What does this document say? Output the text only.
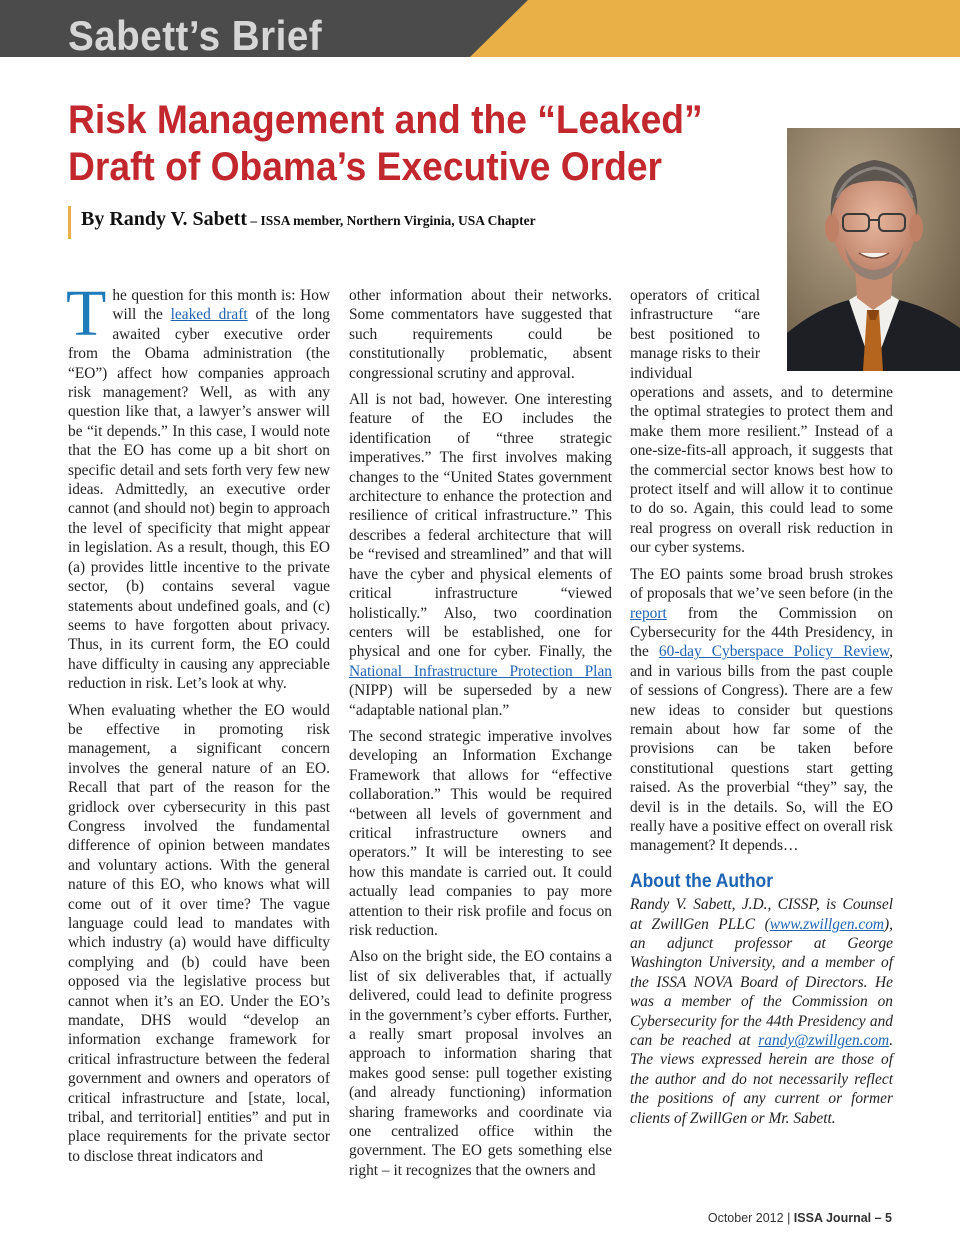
Sabett’s Brief
Risk Management and the “Leaked”
Draft of Obama’s Executive Order
By Randy V. Sabett – ISSA member, Northern Virginia, USA Chapter

The question for this month is: How will the leaked draft of the long awaited cyber executive order from the Obama administration (the “EO”) affect how companies approach risk management? Well, as with any question like that, a lawyer’s answer will be “it depends.” In this case, I would note that the EO has come up a bit short on specific detail and sets forth very few new ideas. Admittedly, an executive order cannot (and should not) begin to approach the level of specificity that might appear in legislation. As a result, though, this EO (a) provides little incentive to the private sector, (b) contains several vague statements about undefined goals, and (c) seems to have forgotten about privacy. Thus, in its current form, the EO could have difficulty in causing any appreciable reduction in risk. Let’s look at why.

When evaluating whether the EO would be effective in promoting risk management, a significant concern involves the general nature of an EO. Recall that part of the reason for the gridlock over cybersecurity in this past Congress involved the fundamental difference of opinion between mandates and voluntary actions. With the general nature of this EO, who knows what will come out of it over time? The vague language could lead to mandates with which industry (a) would have difficulty complying and (b) could have been opposed via the legislative process but cannot when it’s an EO. Under the EO’s mandate, DHS would “develop an information exchange framework for critical infrastructure between the federal government and owners and operators of critical infrastructure and [state, local, tribal, and territorial] entities” and put in place requirements for the private sector to disclose threat indicators and

other information about their networks. Some commentators have suggested that such requirements could be constitutionally problematic, absent congressional scrutiny and approval.

All is not bad, however. One interesting feature of the EO includes the identification of “three strategic imperatives.” The first involves making changes to the “United States government architecture to enhance the protection and resilience of critical infrastructure.” This describes a federal architecture that will be “revised and streamlined” and that will have the cyber and physical elements of critical infrastructure “viewed holistically.” Also, two coordination centers will be established, one for physical and one for cyber. Finally, the National Infrastructure Protection Plan (NIPP) will be superseded by a new “adaptable national plan.”

The second strategic imperative involves developing an Information Exchange Framework that allows for “effective collaboration.” This would be required “between all levels of government and critical infrastructure owners and operators.” It will be interesting to see how this mandate is carried out. It could actually lead companies to pay more attention to their risk profile and focus on risk reduction.

Also on the bright side, the EO contains a list of six deliverables that, if actually delivered, could lead to definite progress in the government’s cyber efforts. Further, a really smart proposal involves an approach to information sharing that makes good sense: pull together existing (and already functioning) information sharing frameworks and coordinate via one centralized office within the government. The EO gets something else right – it recognizes that the owners and

operators of critical infrastructure “are best positioned to manage risks to their individual

operations and assets, and to determine the optimal strategies to protect them and make them more resilient.” Instead of a one-size-fits-all approach, it suggests that the commercial sector knows best how to protect itself and will allow it to continue to do so. Again, this could lead to some real progress on overall risk reduction in our cyber systems.

The EO paints some broad brush strokes of proposals that we’ve seen before (in the report from the Commission on Cybersecurity for the 44th Presidency, in the 60-day Cyberspace Policy Review, and in various bills from the past couple of sessions of Congress). There are a few new ideas to consider but questions remain about how far some of the provisions can be taken before constitutional questions start getting raised. As the proverbial “they” say, the devil is in the details. So, will the EO really have a positive effect on overall risk management? It depends…

About the Author

Randy V. Sabett, J.D., CISSP, is Counsel at ZwillGen PLLC (www.zwillgen.com), an adjunct professor at George Washington University, and a member of the ISSA NOVA Board of Directors. He was a member of the Commission on Cybersecurity for the 44th Presidency and can be reached at randy@zwillgen.com. The views expressed herein are those of the author and do not necessarily reflect the positions of any current or former clients of ZwillGen or Mr. Sabett.

October 2012 | ISSA Journal – 5
